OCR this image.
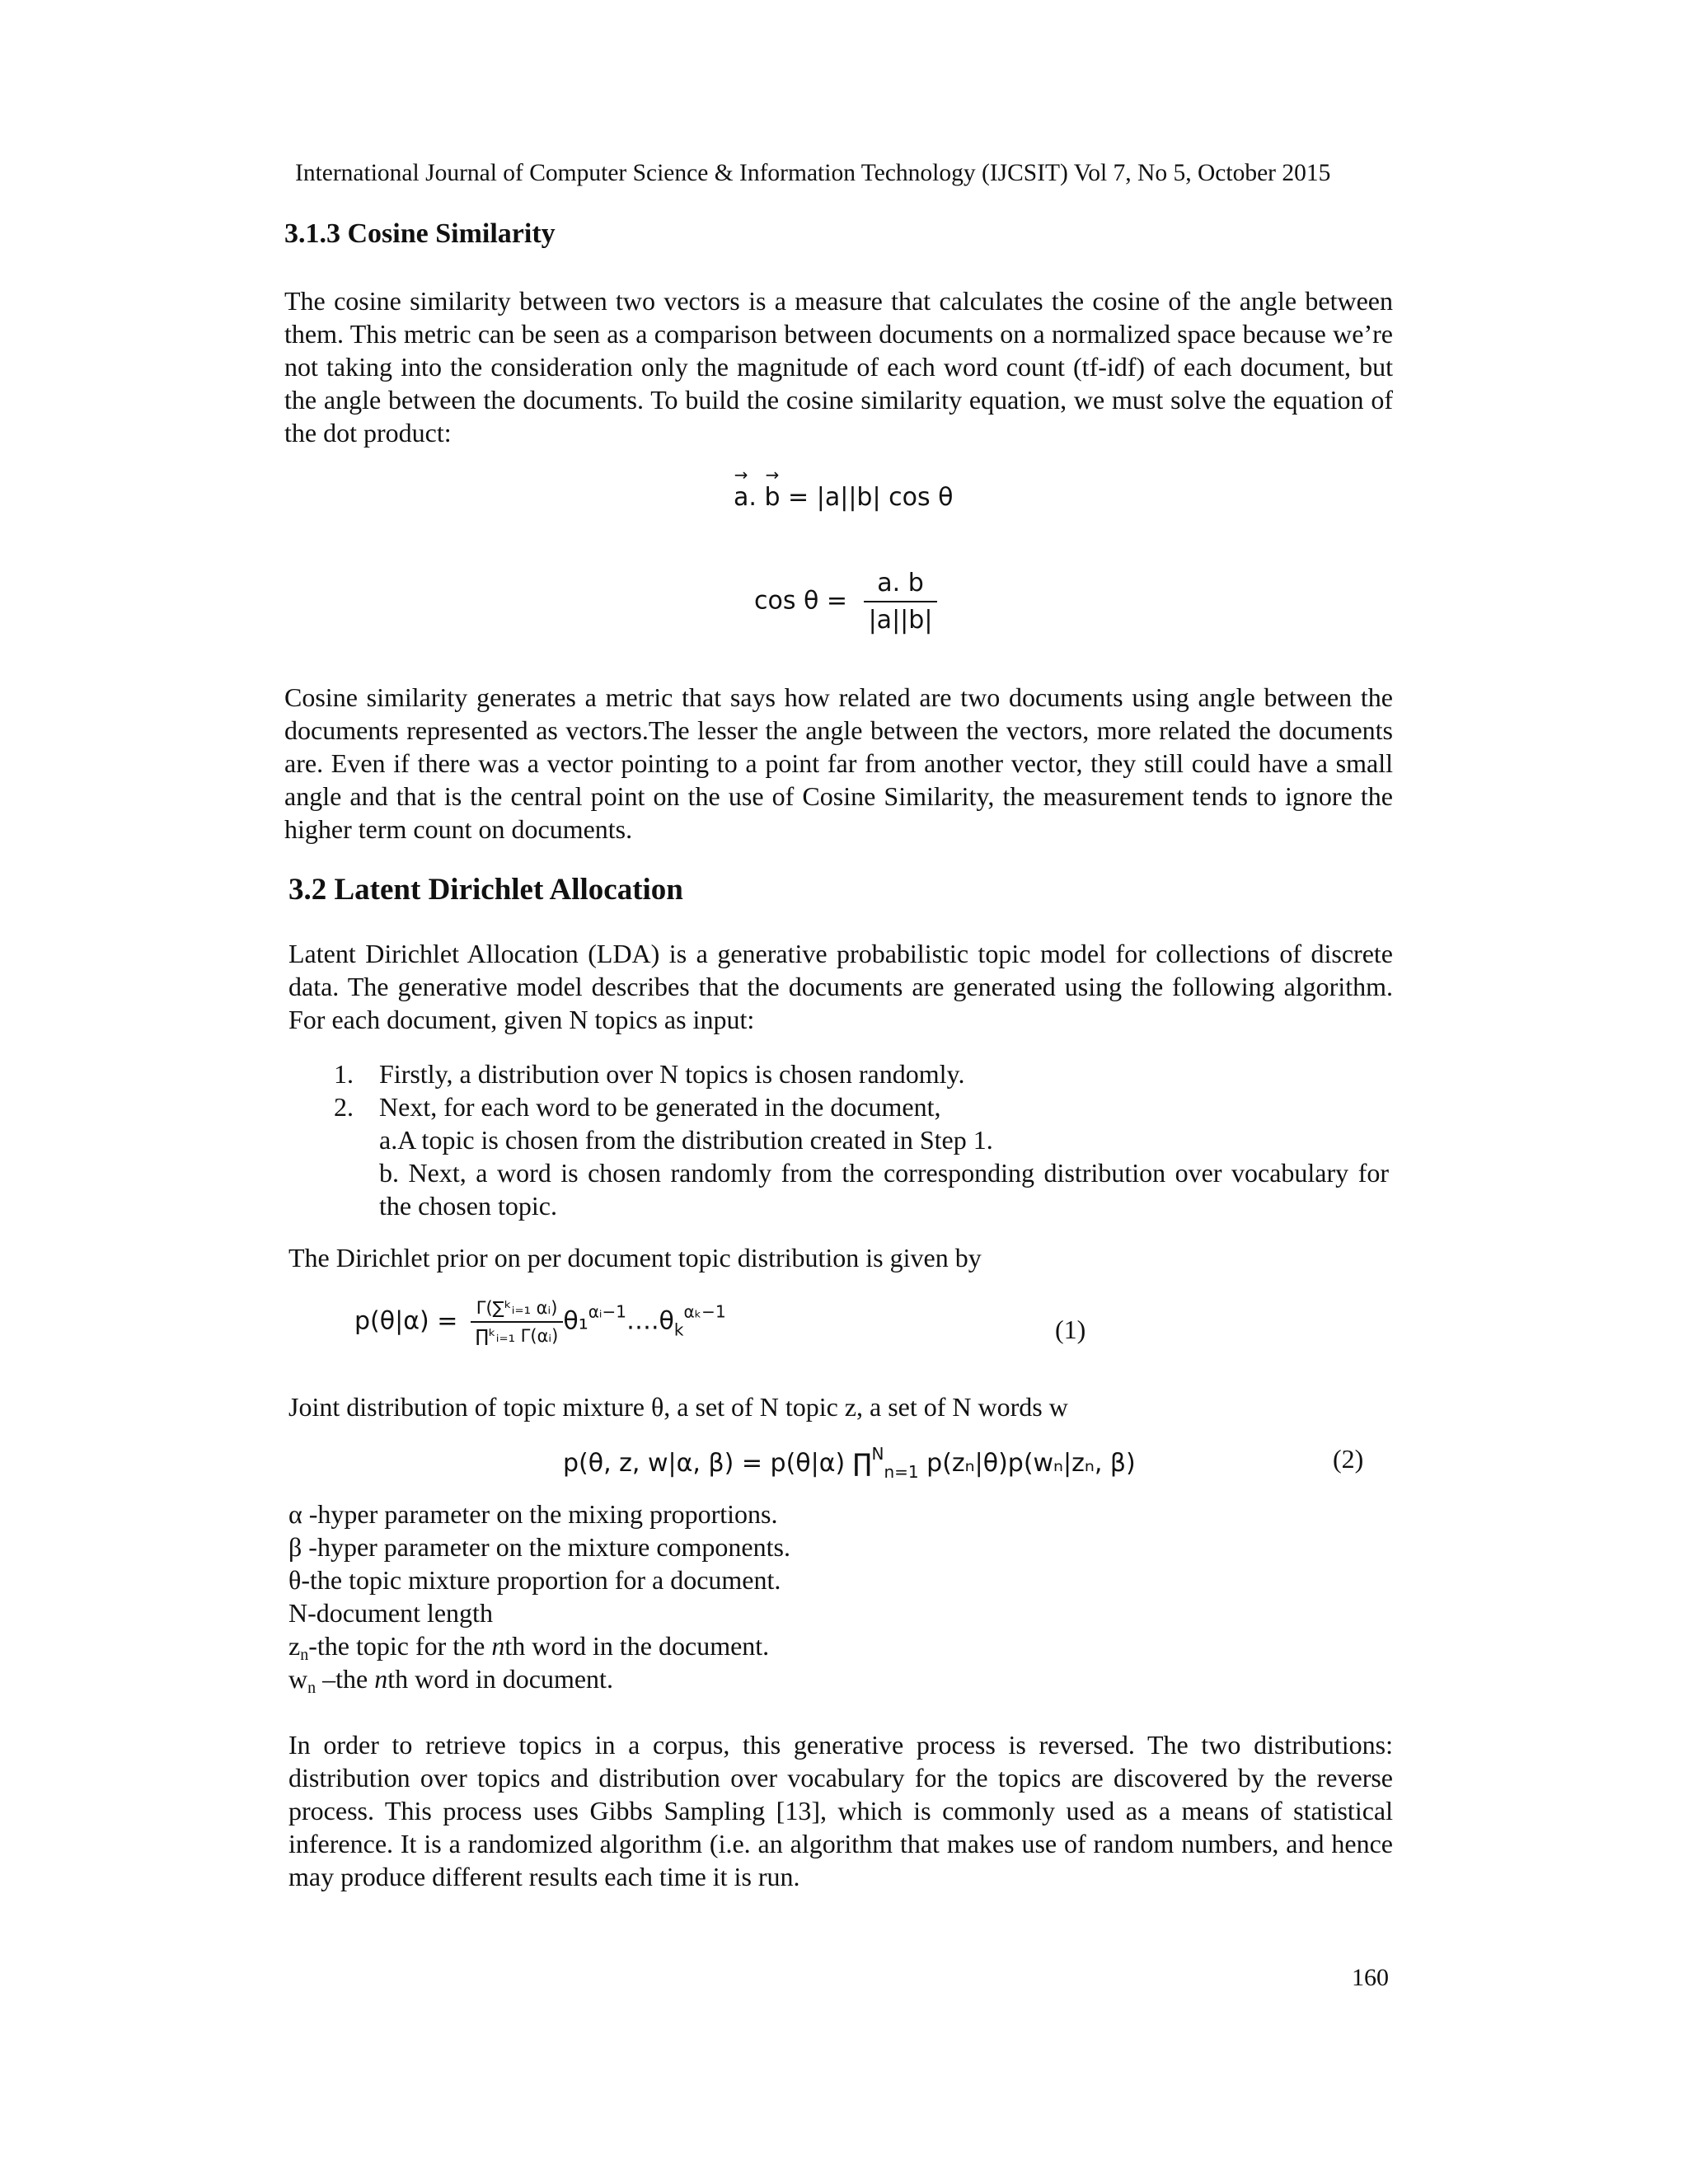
International Journal of Computer Science & Information Technology (IJCSIT) Vol 7, No 5, October 2015
3.1.3 Cosine Similarity
The cosine similarity between two vectors is a measure that calculates the cosine of the angle between them. This metric can be seen as a comparison between documents on a normalized space because we’re not taking into the consideration only the magnitude of each word count (tf-idf) of each document, but the angle between the documents. To build the cosine similarity equation, we must solve the equation of the dot product:
→ a. → b = |a||b| cos θ
$\cos \theta = \frac{a. b}{|a||b|}$
Cosine similarity generates a metric that says how related are two documents using angle between the documents represented as vectors.The lesser the angle between the vectors, more related the documents are. Even if there was a vector pointing to a point far from another vector, they still could have a small angle and that is the central point on the use of Cosine Similarity, the measurement tends to ignore the higher term count on documents.
3.2 Latent Dirichlet Allocation
Latent Dirichlet Allocation (LDA) is a generative probabilistic topic model for collections of discrete data. The generative model describes that the documents are generated using the following algorithm. For each document, given N topics as input:
1. Firstly, a distribution over N topics is chosen randomly.
2. Next, for each word to be generated in the document,
a.A topic is chosen from the distribution created in Step 1.
b. Next, a word is chosen randomly from the corresponding distribution over vocabulary for the chosen topic.
The Dirichlet prior on per document topic distribution is given by
$p(\theta|\alpha) = \frac{\text{Γ(∑ᵏᵢ₌₁ αᵢ)}}{\text{∏ᵏᵢ₌₁ Γ(αᵢ)}}$ $\theta_1^{\alpha ᵢ-1}\dots.\theta_k^{\alpha_k-1}$
(1)
Joint distribution of topic mixture θ, a set of N topic z, a set of N words w
p(θ, z, w|α, β) = p(θ|α) ∏$^N_{n=1}$ p(zₙ|θ)p(wₙ|zₙ, β)	(2)
α -hyper parameter on the mixing proportions.
β -hyper parameter on the mixture components.
θ-the topic mixture proportion for a document.
N-document length
$z_n$-the topic for the nth word in the document.
$w_n$ –the nth word in document.
In order to retrieve topics in a corpus, this generative process is reversed. The two distributions: distribution over topics and distribution over vocabulary for the topics are discovered by the reverse process. This process uses Gibbs Sampling [13], which is commonly used as a means of statistical inference. It is a randomized algorithm (i.e. an algorithm that makes use of random numbers, and hence may produce different results each time it is run.
160
